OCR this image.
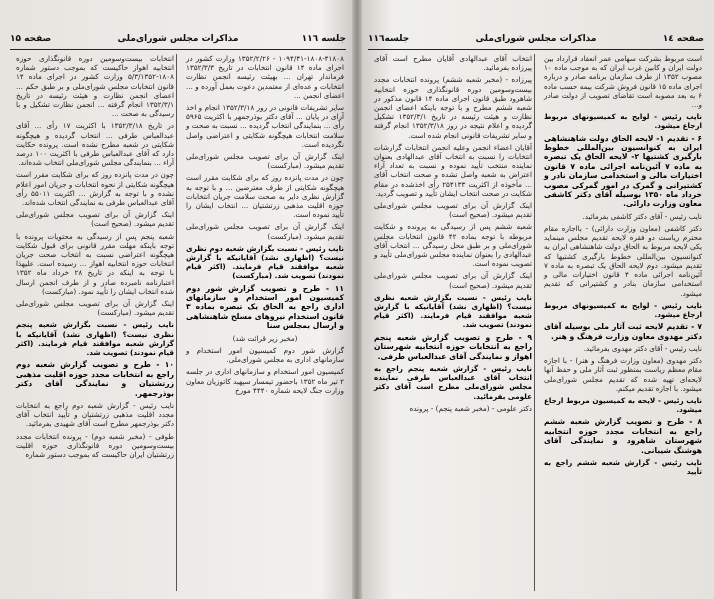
صفحه ١٤
مذاکرات مجلس شورای‌ملی
جلسه١١٦

است مربوط بشرکت سهامی عمر انعقاد قرارداد بین دولت ایران و کابین غرب ایران که به موجب ماده ۱۰ مصوب ۱۳۵۲ از طرف سازمان برنامه صادر و درباره اجرای ماده ۱۵ قانون فروش شرکت بیمه حسب ماده ۶ به بعد مصوبه است تقاضای تصویب از دولت صادر و...

نایب رئیس - لوایح به کمیسیونهای مربوط ارجاع میشود.

۶ - تقدیم ۱- لایحه الحاق دولت شاهنشاهی ایران به کنوانسیون بین‌المللی خطوط بارگیری کشتیها ۲- لایحه الحاق یک تبصره به ماده ۷ آئین‌نامه اجرائی ماده ۷ قانون اختیارات مالی و استخدامی سازمان نادر و کشتیرانی و گمرک در امور گمرکی مصوب خرداد ماه ۱۳۵۰ بوسیله آقای دکتر کاشفی معاون وزارت دارائی.

نایب رئیس - آقای دکتر کاشفی بفرمائید.

دکتر کاشفی (معاون وزارت دارائی) - بااجازه مقام محترم ریاست دو فقره لایحه تقدیم مجلس مینماید یکی لایحه مربوط به الحاق دولت شاهنشاهی ایران به کنوانسیون بین‌المللی خطوط بارگیری کشتیها که تقدیم میشود. دوم لایحه الحاق یک تبصره به ماده ۷ آئین‌نامه اجرائی ماده ۴ قانون اختیارات مالی و استخدامی سازمان بنادر و کشتیرانی که تقدیم میشود.

نایب رئیس - لوایح به کمیسیونهای مربوط ارجاع میشود.

۷ - تقدیم لایحه ثبت آثار ملی بوسیله آقای دکتر مهدوی معاون وزارت فرهنگ و هنر.

نایب رئیس - آقای دکتر مهدوی بفرمائید.

دکتر مهدوی (معاون وزارت فرهنگ و هنر) - با اجازه مقام معظم ریاست بمنظور ثبت آثار ملی و حفظ آنها لایحه‌ای تهیه شده که تقدیم مجلس شورای‌ملی میشود. با اجازه تقدیم میکنم.

نایب رئیس - لایحه به کمیسیون مربوط ارجاع میشود.

۸ - طرح و تصویب گزارش شعبه ششم راجع به انتخابات مجدد حوزه انتخابیه شهرستان شاهرود و نمایندگی آقای هوشنگ شیبانی.

نایب رئیس - گزارش شعبه ششم راجع به تأیید

انتخاب آقای عبدالهادی آقایان مطرح است آقای پیرزاده بفرمائید.

پیرزاده - (مخبر شعبه ششم) پرونده انتخابات مجدد بیست‌وسومین دوره قانونگذاری حوزه انتخابیه شاهرود طبق قانون اجرای ماده ۱۴ قانون مذکور در شعبه ششم مطرح و با توجه باینکه اعضای انجمن نظارت و هیئت رئیسه در تاریخ ۱۳۵۲/۳/۱ تشکیل گردیده و اعلام نتیجه در روز ۱۳۵۲/۳/۱۸ انجام گرفته و سایر تشریفات قانونی انجام شده است.

آقایان اعضاء انجمن وعلیه انجمن انتخابات گزارشات انتخابات را نسبت به انتخاب آقای عبدالهادی بعنوان نماینده منتخب تأیید نموده و نسبت به تعداد آراء اعتراض به شعبه واصل نشده و صحت انتخاب آقای ... مأخوذه از اکثریت ۲۵۴۱۳۳ رأی اخذشده در مقام شکایت در صحت انتخاب ایشان تأیید و تصویب گردید.

اینک گزارش آن برای تصویب مجلس شورای‌ملی تقدیم میشود. (صحیح است)

شعبه ششم پس از رسیدگی به پرونده و شکایت مربوطه با توجه بماده ۴۲ قانون انتخابات مجلس شورای‌ملی و بر طبق محل رسیدگی ... انتخاب آقای عبدالهادی را بعنوان نماینده مجلس شورای‌ملی تأیید و تصویب نموده است.

اینک گزارش آن برای تصویب مجلس شورای‌ملی تقدیم میشود. (صحیح است)

نایب رئیس - نسبت بگزارش شعبه نظری نیست؟ (اظهاری نشد) آقایانیکه با گزارش شعبه موافقند قیام فرمایند. (اکثر قیام نمودند) تصویب شد.

۹ - طرح و تصویب گزارش شعبه پنجم راجع به انتخابات حوزه انتخابیه شهرستان اهواز و نمایندگی آقای عبدالعباس طرفی.

نایب رئیس - گزارش شعبه پنجم راجع به انتخاب آقای عبدالعباس طرفی نماینده مجلس شورای‌ملی مطرح است آقای دکتر علومی بفرمائید.

دکتر علومی - (مخبر شعبه پنجم) - پرونده

صفحه ۱۵	مذاکرات مجلس شورای‌ملی	جلسه ۱۱٦

۱۰۹۴/۴۱-۱۸۰۸-۴۱۸۰۸ - ۱۳۵۲/۲/۲۶ وزارت کشور در اجرای ماده ۱۴ قانون انتخابات در تاریخ ۱۳۵۲/۳/۳ فرماندار تهران ... بهیئت رئیسه انجمن نظارت انتخابات و عده‌ای از معتمدین دعوت بعمل آورده و ... اعضای انجمن ...

سایر تشریفات قانونی در روز ۱۳۵۲/۳/۱۸ انجام و اخذ آرای در پایان ... آقای دکتر بوذرجمهر با اکثریت ۵۹۶۵ رأی ... بنمایندگی انتخاب گردیده ... نسبت به صحت و سلامت انتخابات هیچگونه شکایتی و اعتراضی واصل نگردیده است.

اینک گزارش آن برای تصویب مجلس شورای‌ملی تقدیم میشود. (مبارکست)

چون در مدت پانزده روز که برای شکایت مقرر است هیچگونه شکایتی از طرف معترضین ... و با توجه به گزارش نظری دایر به صحت سلامت جریان انتخابات حوزه اقلیت مذهبی زرتشتیان ... انتخاب ایشان را تأیید نموده است.

اینک گزارش آن برای تصویب مجلس شورای‌ملی تقدیم میشود. (مبارکست)

نایب رئیس - نسبت بگزارش شعبه دوم نظری نیست؟ (اظهاری نشد) آقایانیکه با گزارش شعبه موافقند قیام فرمایند. (اکثر قیام نمودند) تصویب شد. (مبارکست)

۱۱ - طرح و تصویب گزارش شور دوم کمیسیون امور استخدام و سازمانهای اداری راجع به الحاق یک تبصره بماده ۳ قانون استخدام نیروهای مسلح شاهنشاهی و ارسال بمجلس سنا

(مخبر زیر قرائت شد)

گزارش شور دوم کمیسیون امور استخدام و سازمانهای اداری به مجلس شورای‌ملی.

کمیسیون امور استخدام و سازمانهای اداری در جلسه ۲ تیر ماه ۱۳۵۲ باحضور تیمسار سپهبد کاتوزیان معاون وزارت جنگ لایحه شماره ۴۴۴۰ مورخ

انتخابات بیست‌وسومین دوره قانونگذاری حوزه انتخابیه اهواز حاکیست که بموجب دستور شماره ۱۸۰۸-۵/۳/۱۳۵۲ وزارت کشور در اجرای ماده ۱۴ قانون انتخابات مجلس شورای‌ملی و بر طبق حکم ... اعضای انجمن نظارت و هیئت رئیسه در تاریخ ۱۳۵۲/۳/۱ انجام گرفته ... انجمن نظارت تشکیل و با رسیدگی به صحت ...

در تاریخ ۱۳۵۲/۳/۱۸ با اکثریت ۱۷ رأی ... آقای عبدالعباس طرفی ... انتخاب گردیده و هیچگونه شکایتی در شعبه مطرح نشده است. پرونده حکایت دارد که آقای عبدالعباس طرفی با اکثریت ۱۰۰ درصد آراء ... بنمایندگی مجلس شورای‌ملی انتخاب شده‌اند.

چون در مدت پانزده روز که برای شکایت مقرر است هیچگونه شکایتی از نحوه انتخابات و جریان امور اعلام نشده و با توجه به گزارش ... اکثریت ۵۵۰۱۱ رأی آقای عبدالعباس طرفی به نمایندگی انتخاب شده‌اند.

اینک گزارش آن برای تصویب مجلس شورای‌ملی تقدیم میشود. (صحیح است)

شعبه پنجم پس از رسیدگی به محتویات پرونده با توجه باینکه مهلت مقرر قانونی برای قبول شکایت هیچگونه اعتراضی نسبت به انتخاب صحت جریان انتخابات حوزه انتخابیه اهواز ... رسیده است. علیهذا با توجه به اینکه در تاریخ ۲۸ خرداد ماه ۱۳۵۲ اعتبارنامه نامبرده صادر و از طرف انجمن ارسال شده انتخاب ایشان را تأیید نمود. (مبارکست)

اینک گزارش آن برای تصویب مجلس شورای‌ملی تقدیم میشود. (مبارکست)

نایب رئیس - نسبت بگزارش شعبه پنجم نظری نیست؟ (اظهاری نشد) آقایانیکه با گزارش شعبه موافقند قیام فرمایند. (اکثر قیام نمودند) تصویب شد.

۱۰ - طرح و تصویب گزارش شعبه دوم راجع به انتخابات مجدد حوزه اقلیت مذهبی زرتشتیان و نمایندگی آقای دکتر بوذرجمهر.

نایب رئیس - گزارش شعبه دوم راجع به انتخابات مجدد اقلیت مذهبی زرتشتیان و تأیید انتخاب آقای دکتر بوذرجمهر مطرح است آقای شهیدی بفرمائید.

طوفی - (مخبر شعبه دوم) - پرونده انتخابات مجدد بیست‌وسومین دوره قانونگذاری حوزه اقلیت زرتشتیان ایران حاکیست که بموجب دستور شماره
